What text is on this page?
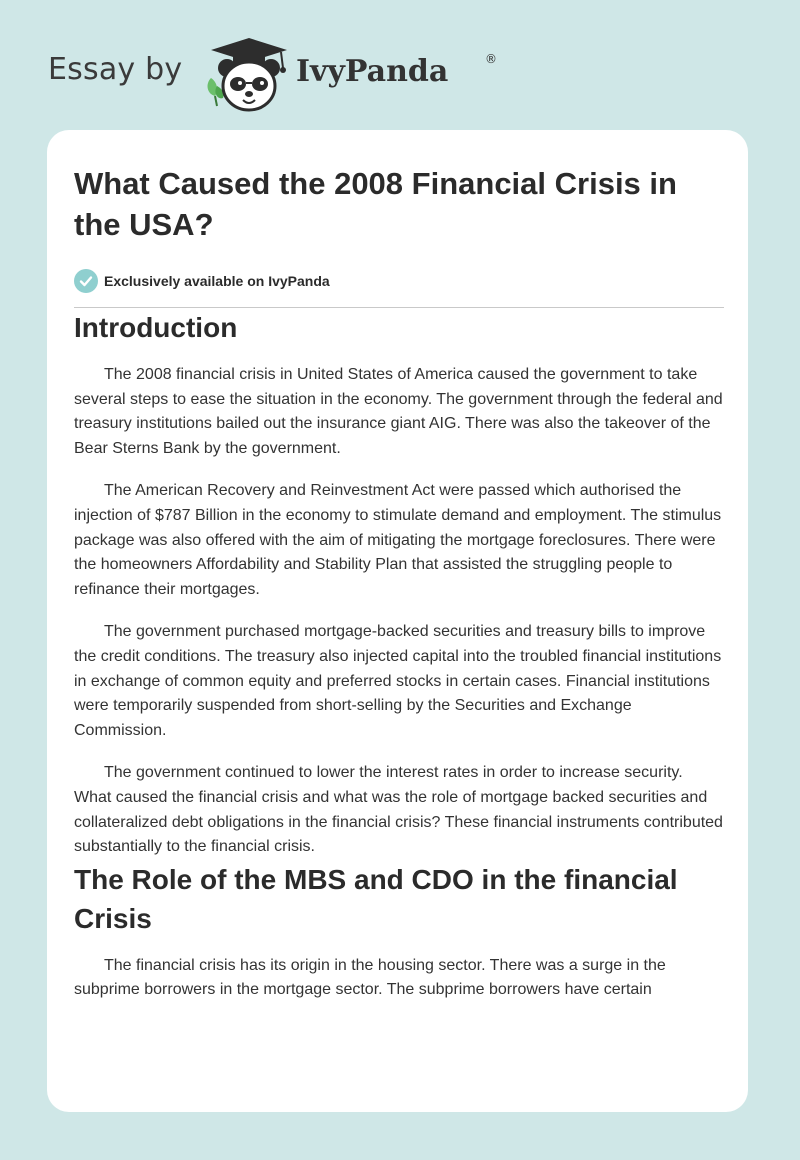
Essay by	IvyPanda	®
What Caused the 2008 Financial Crisis in the USA?
Exclusively available on IvyPanda
Introduction

The 2008 financial crisis in United States of America caused the government to take several steps to ease the situation in the economy. The government through the federal and treasury institutions bailed out the insurance giant AIG. There was also the takeover of the Bear Sterns Bank by the government.

The American Recovery and Reinvestment Act were passed which authorised the injection of $787 Billion in the economy to stimulate demand and employment. The stimulus package was also offered with the aim of mitigating the mortgage foreclosures. There were the homeowners Affordability and Stability Plan that assisted the struggling people to refinance their mortgages.

The government purchased mortgage-backed securities and treasury bills to improve the credit conditions. The treasury also injected capital into the troubled financial institutions in exchange of common equity and preferred stocks in certain cases. Financial institutions were temporarily suspended from short-selling by the Securities and Exchange Commission.

The government continued to lower the interest rates in order to increase security. What caused the financial crisis and what was the role of mortgage backed securities and collateralized debt obligations in the financial crisis? These financial instruments contributed substantially to the financial crisis.

The Role of the MBS and CDO in the financial Crisis

The financial crisis has its origin in the housing sector. There was a surge in the subprime borrowers in the mortgage sector. The subprime borrowers have certain
